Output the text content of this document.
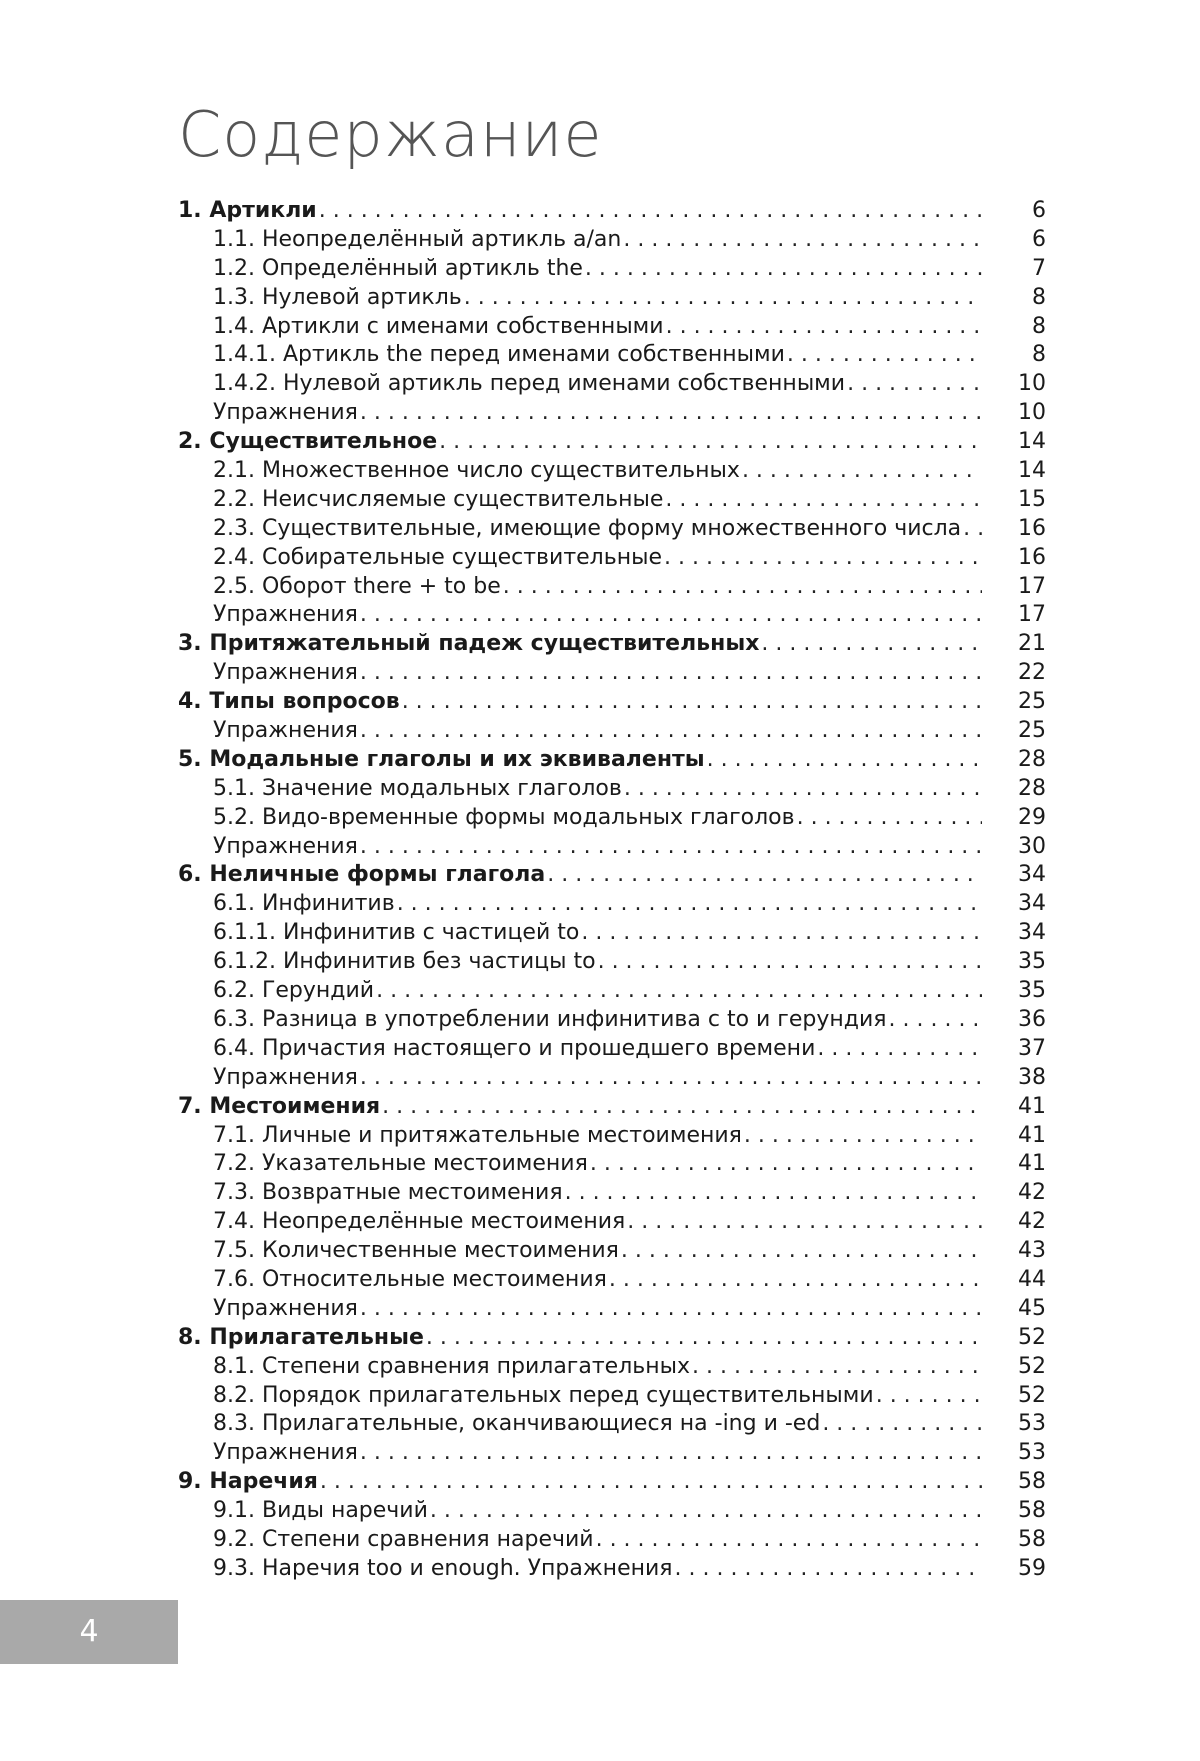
Содержание
1. Артикли . . .	6
1.1. Неопределённый артикль a/an . . .	6
1.2. Определённый артикль the . . .	7
1.3. Нулевой артикль . . .	8
1.4. Артикли с именами собственными . . .	8
1.4.1. Артикль the перед именами собственными . . .	8
1.4.2. Нулевой артикль перед именами собственными . . .	10
Упражнения . . .	10
2. Существительное . . .	14
2.1. Множественное число существительных . . .	14
2.2. Неисчисляемые существительные . . .	15
2.3. Существительные, имеющие форму множественного числа . . .	16
2.4. Собирательные существительные . . .	16
2.5. Оборот there + to be . . .	17
Упражнения . . .	17
3. Притяжательный падеж существительных . . .	21
Упражнения . . .	22
4. Типы вопросов . . .	25
Упражнения . . .	25
5. Модальные глаголы и их эквиваленты . . .	28
5.1. Значение модальных глаголов . . .	28
5.2. Видо-временные формы модальных глаголов . . .	29
Упражнения . . .	30
6. Неличные формы глагола . . .	34
6.1. Инфинитив . . .	34
6.1.1. Инфинитив с частицей to . . .	34
6.1.2. Инфинитив без частицы to . . .	35
6.2. Герундий . . .	35
6.3. Разница в употреблении инфинитива с to и герундия . . .	36
6.4. Причастия настоящего и прошедшего времени . . .	37
Упражнения . . .	38
7. Местоимения . . .	41
7.1. Личные и притяжательные местоимения . . .	41
7.2. Указательные местоимения . . .	41
7.3. Возвратные местоимения . . .	42
7.4. Неопределённые местоимения . . .	42
7.5. Количественные местоимения . . .	43
7.6. Относительные местоимения . . .	44
Упражнения . . .	45
8. Прилагательные . . .	52
8.1. Степени сравнения прилагательных . . .	52
8.2. Порядок прилагательных перед существительными . . .	52
8.3. Прилагательные, оканчивающиеся на -ing и -ed . . .	53
Упражнения . . .	53
9. Наречия . . .	58
9.1. Виды наречий . . .	58
9.2. Степени сравнения наречий . . .	58
9.3. Наречия too и enough. Упражнения . . .	59
4
